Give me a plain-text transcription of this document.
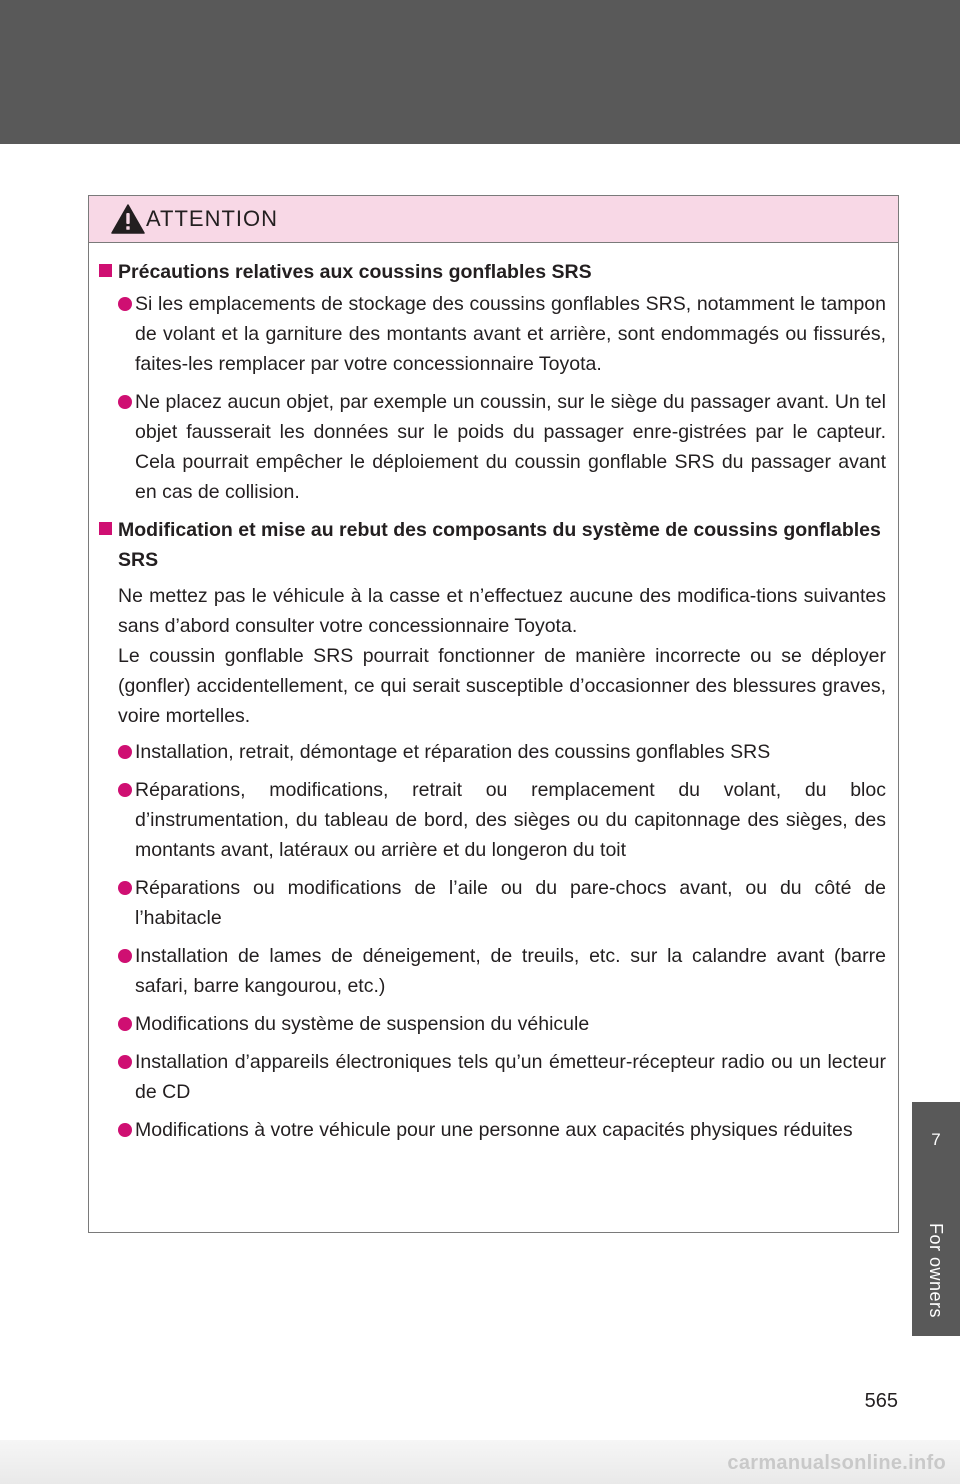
ATTENTION
Précautions relatives aux coussins gonflables SRS
Si les emplacements de stockage des coussins gonflables SRS, notamment le tampon de volant et la garniture des montants avant et arrière, sont endommagés ou fissurés, faites-les remplacer par votre concessionnaire Toyota.
Ne placez aucun objet, par exemple un coussin, sur le siège du passager avant. Un tel objet fausserait les données sur le poids du passager enre-gistrées par le capteur. Cela pourrait empêcher le déploiement du coussin gonflable SRS du passager avant en cas de collision.
Modification et mise au rebut des composants du système de coussins gonflables SRS
Ne mettez pas le véhicule à la casse et n’effectuez aucune des modifica-tions suivantes sans d’abord consulter votre concessionnaire Toyota.
Le coussin gonflable SRS pourrait fonctionner de manière incorrecte ou se déployer (gonfler) accidentellement, ce qui serait susceptible d’occasionner des blessures graves, voire mortelles.
Installation, retrait, démontage et réparation des coussins gonflables SRS
Réparations, modifications, retrait ou remplacement du volant, du bloc d’instrumentation, du tableau de bord, des sièges ou du capitonnage des sièges, des montants avant, latéraux ou arrière et du longeron du toit
Réparations ou modifications de l’aile ou du pare-chocs avant, ou du côté de l’habitacle
Installation de lames de déneigement, de treuils, etc. sur la calandre avant (barre safari, barre kangourou, etc.)
Modifications du système de suspension du véhicule
Installation d’appareils électroniques tels qu’un émetteur-récepteur radio ou un lecteur de CD
Modifications à votre véhicule pour une personne aux capacités physiques réduites	7
For owners
565
carmanualsonline.info
